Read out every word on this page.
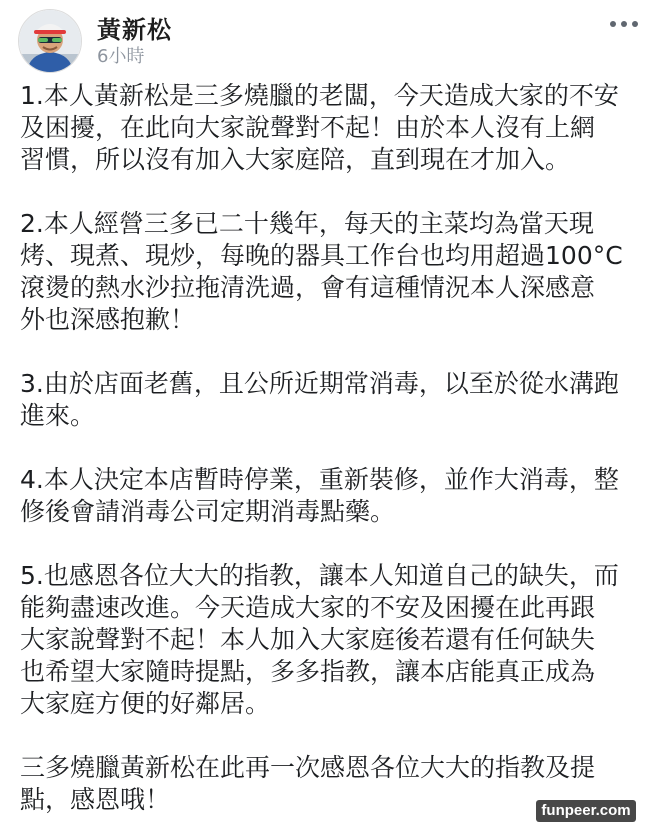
黃新松
6小時

1.本人黃新松是三多燒臘的老闆，今天造成大家的不安
及困擾，在此向大家說聲對不起！由於本人沒有上網
習慣，所以沒有加入大家庭陪，直到現在才加入。

2.本人經營三多已二十幾年，每天的主菜均為當天現
烤、現煮、現炒，每晚的器具工作台也均用超過100°C
滾燙的熱水沙拉拖清洗過，會有這種情況本人深感意
外也深感抱歉！

3.由於店面老舊，且公所近期常消毒，以至於從水溝跑
進來。

4.本人決定本店暫時停業，重新裝修，並作大消毒，整
修後會請消毒公司定期消毒點藥。

5.也感恩各位大大的指教，讓本人知道自己的缺失，而
能夠盡速改進。今天造成大家的不安及困擾在此再跟
大家說聲對不起！本人加入大家庭後若還有任何缺失
也希望大家隨時提點，多多指教，讓本店能真正成為
大家庭方便的好鄰居。

三多燒臘黃新松在此再一次感恩各位大大的指教及提
點，感恩哦！	funpeer.com
